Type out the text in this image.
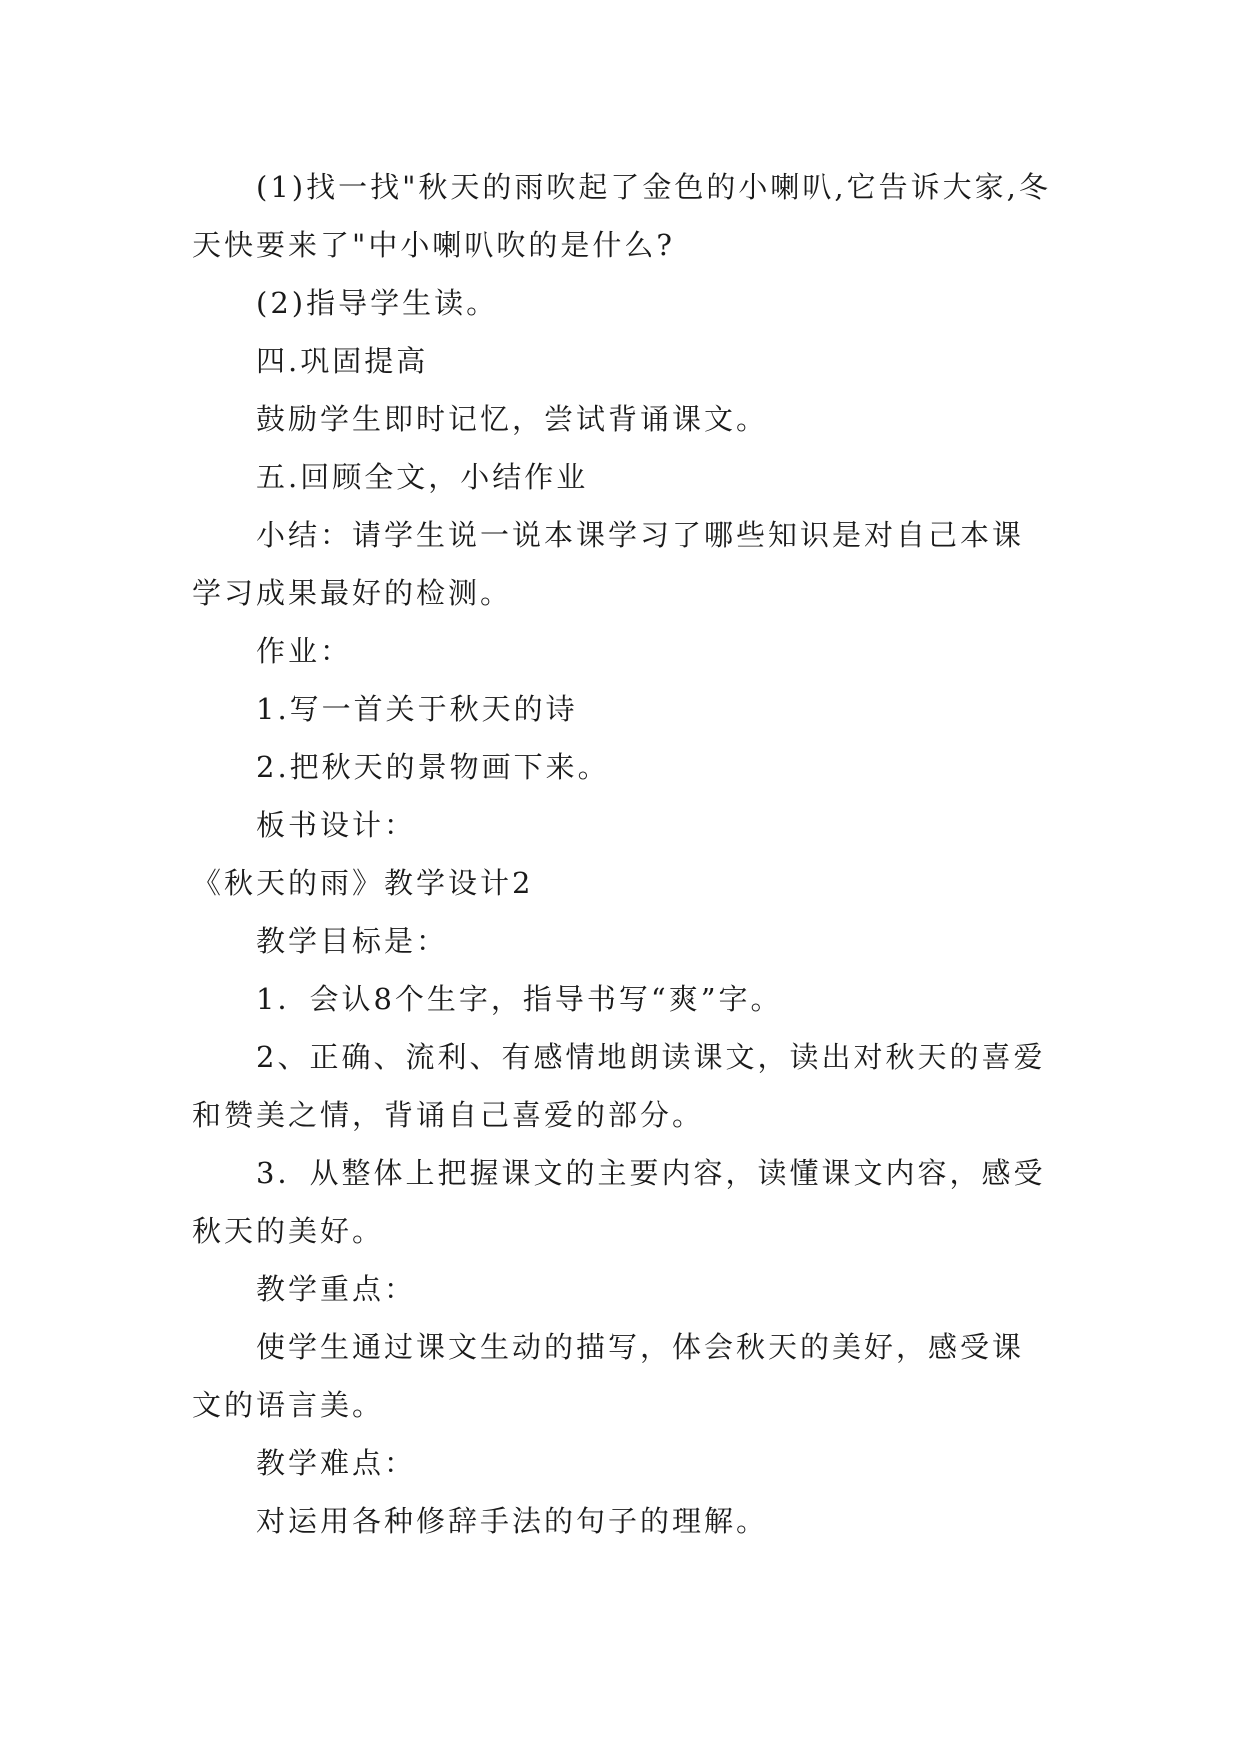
(1)找一找"秋天的雨吹起了金色的小喇叭,它告诉大家,冬天快要来了"中小喇叭吹的是什么?

(2)指导学生读。

四.巩固提高

鼓励学生即时记忆，尝试背诵课文。

五.回顾全文，小结作业

小结：请学生说一说本课学习了哪些知识是对自己本课学习成果最好的检测。

作业：

1.写一首关于秋天的诗

2.把秋天的景物画下来。

板书设计：

《秋天的雨》教学设计2

教学目标是：

1．会认8个生字，指导书写“爽”字。

2、正确、流利、有感情地朗读课文，读出对秋天的喜爱和赞美之情，背诵自己喜爱的部分。

3．从整体上把握课文的主要内容，读懂课文内容，感受秋天的美好。

教学重点：

使学生通过课文生动的描写，体会秋天的美好，感受课文的语言美。

教学难点：

对运用各种修辞手法的句子的理解。
